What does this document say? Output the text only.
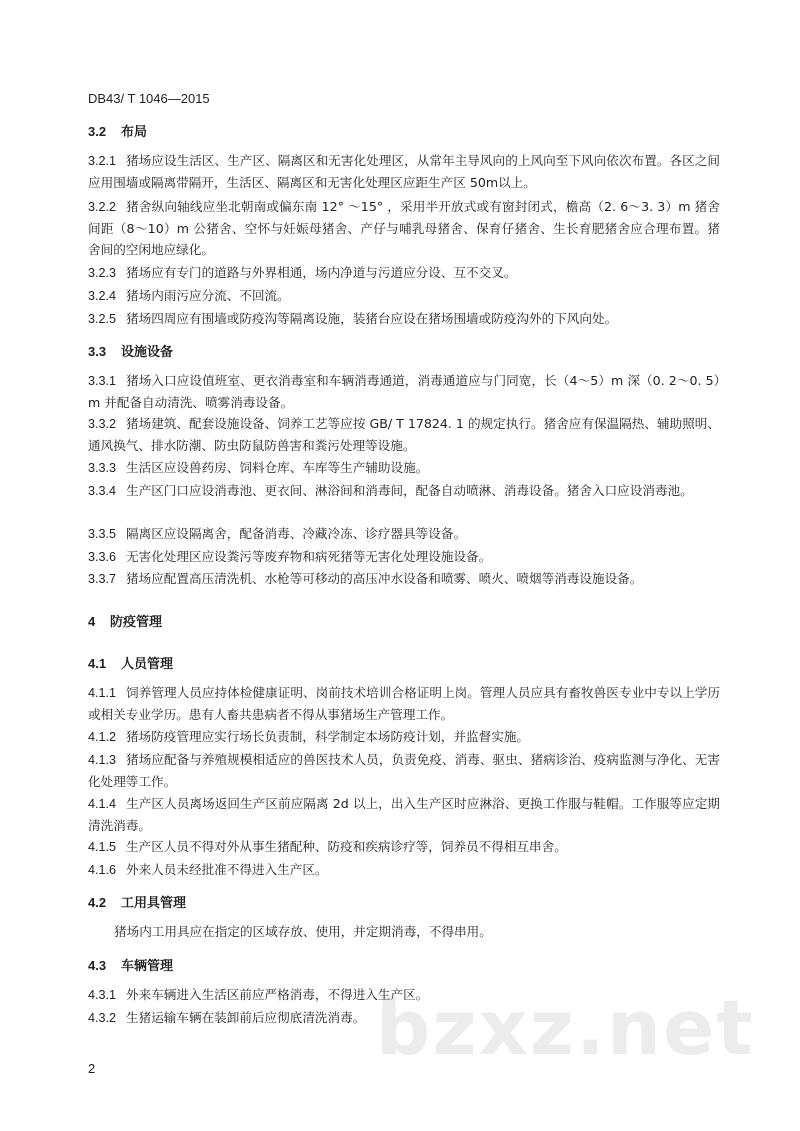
DB43/ T 1046—2015
3.2 布局
3.2.1 猪场应设生活区、生产区、隔离区和无害化处理区，从常年主导风向的上风向至下风向依次布置。各区之间应用围墙或隔离带隔开，生活区、隔离区和无害化处理区应距生产区 50m以上。
3.2.2 猪舍纵向轴线应坐北朝南或偏东南 12° ～15° ，采用半开放式或有窗封闭式，檐高（2. 6～3. 3）m 猪舍间距（8～10）m 公猪舍、空怀与妊娠母猪舍、产仔与哺乳母猪舍、保育仔猪舍、生长育肥猪舍应合理布置。猪舍间的空闲地应绿化。
3.2.3 猪场应有专门的道路与外界相通，场内净道与污道应分设、互不交叉。
3.2.4 猪场内雨污应分流、不回流。
3.2.5 猪场四周应有围墙或防疫沟等隔离设施，装猪台应设在猪场围墙或防疫沟外的下风向处。
3.3 设施设备
3.3.1 猪场入口应设值班室、更衣消毒室和车辆消毒通道，消毒通道应与门同宽，长（4～5）m 深（0. 2～0. 5）m 并配备自动清洗、喷雾消毒设备。
3.3.2 猪场建筑、配套设施设备、饲养工艺等应按 GB/ T 17824. 1 的规定执行。猪舍应有保温隔热、辅助照明、通风换气、排水防潮、防虫防鼠防兽害和粪污处理等设施。
3.3.3 生活区应设兽药房、饲料仓库、车库等生产辅助设施。
3.3.4 生产区门口应设消毒池、更衣间、淋浴间和消毒间，配备自动喷淋、消毒设备。猪舍入口应设消毒池。
3.3.5 隔离区应设隔离舍，配备消毒、冷藏冷冻、诊疗器具等设备。
3.3.6 无害化处理区应设粪污等废弃物和病死猪等无害化处理设施设备。
3.3.7 猪场应配置高压清洗机、水枪等可移动的高压冲水设备和喷雾、喷火、喷烟等消毒设施设备。
4 防疫管理
4.1 人员管理
4.1.1 饲养管理人员应持体检健康证明、岗前技术培训合格证明上岗。管理人员应具有畜牧兽医专业中专以上学历或相关专业学历。患有人畜共患病者不得从事猪场生产管理工作。
4.1.2 猪场防疫管理应实行场长负责制，科学制定本场防疫计划，并监督实施。
4.1.3 猪场应配备与养殖规模相适应的兽医技术人员，负责免疫、消毒、驱虫、猪病诊治、疫病监测与净化、无害化处理等工作。
4.1.4 生产区人员离场返回生产区前应隔离 2d 以上，出入生产区时应淋浴、更换工作服与鞋帽。工作服等应定期清洗消毒。
4.1.5 生产区人员不得对外从事生猪配种、防疫和疾病诊疗等，饲养员不得相互串舍。
4.1.6 外来人员未经批准不得进入生产区。
4.2 工用具管理
猪场内工用具应在指定的区域存放、使用，并定期消毒，不得串用。
4.3 车辆管理
bzxz.net
4.3.1 外来车辆进入生活区前应严格消毒，不得进入生产区。
4.3.2 生猪运输车辆在装卸前后应彻底清洗消毒。
2
